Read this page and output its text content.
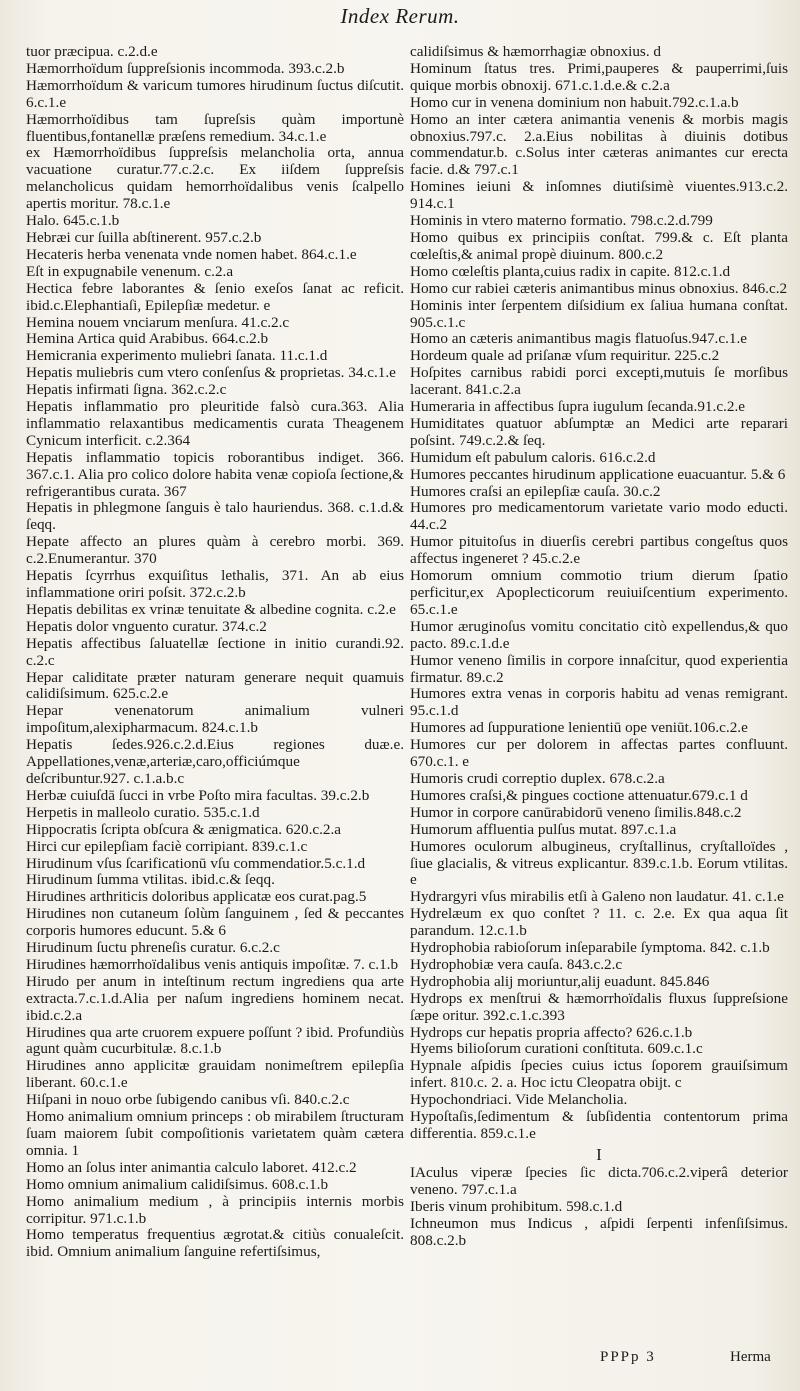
Index Rerum.

tuor præcipua. c.2.d.e

Hæmorrhoïdum ſuppreſsionis incommoda. 393.c.2.b

Hæmorrhoïdum & varicum tumores hirudinum ſuctus diſcutit. 6.c.1.e

Hæmorrhoïdibus tam ſupreſsis quàm importunè fluentibus,fontanellæ præſens remedium. 34.c.1.e

ex Hæmorrhoïdibus ſuppreſsis melancholia orta, annua vacuatione curatur.77.c.2.c. Ex iiſdem ſuppreſsis melancholicus quidam hemorrhoïdalibus venis ſcalpello apertis moritur. 78.c.1.e

Halo. 645.c.1.b

Hebræi cur ſuilla abſtinerent. 957.c.2.b

Hecateris herba venenata vnde nomen habet. 864.c.1.e

Eſt in expugnabile venenum. c.2.a

Hectica febre laborantes & ſenio exeſos ſanat ac reficit. ibid.c.Elephantiaſi, Epilepſiæ medetur. e

Hemina nouem vnciarum menſura. 41.c.2.c

Hemina Artica quid Arabibus. 664.c.2.b

Hemicrania experimento muliebri ſanata. 11.c.1.d

Hepatis muliebris cum vtero conſenſus & proprietas. 34.c.1.e

Hepatis infirmati ſigna. 362.c.2.c

Hepatis inflammatio pro pleuritide falsò cura.363. Alia inflammatio relaxantibus medicamentis curata Theagenem Cynicum interficit. c.2.364

Hepatis inflammatio topicis roborantibus indiget. 366. 367.c.1. Alia pro colico dolore habita venæ copioſa ſectione,& refrigerantibus curata. 367

Hepatis in phlegmone ſanguis è talo hauriendus. 368. c.1.d.& ſeqq.

Hepate affecto an plures quàm à cerebro morbi. 369. c.2.Enumerantur. 370

Hepatis ſcyrrhus exquiſitus lethalis, 371. An ab eius inflammatione oriri poſsit. 372.c.2.b

Hepatis debilitas ex vrinæ tenuitate & albedine cognita. c.2.e

Hepatis dolor vnguento curatur. 374.c.2

Hepatis affectibus ſaluatellæ ſectione in initio curandi.92. c.2.c

Hepar caliditate præter naturam generare nequit quamuis calidiſsimum. 625.c.2.e

Hepar venenatorum animalium vulneri impoſitum,alexipharmacum. 824.c.1.b

Hepatis ſedes.926.c.2.d.Eius regiones duæ.e. Appellationes,venæ,arteriæ,caro,officiúmque deſcribuntur.927. c.1.a.b.c

Herbæ cuiuſdā ſucci in vrbe Poſto mira facultas. 39.c.2.b

Herpetis in malleolo curatio. 535.c.1.d

Hippocratis ſcripta obſcura & ænigmatica. 620.c.2.a

Hirci cur epilepſiam faciè corripiant. 839.c.1.c

Hirudinum vſus ſcarificationū vſu commendatior.5.c.1.d

Hirudinum ſumma vtilitas. ibid.c.& ſeqq.

Hirudines arthriticis doloribus applicatæ eos curat.pag.5

Hirudines non cutaneum ſolùm ſanguinem , ſed & peccantes corporis humores educunt. 5.& 6

Hirudinum ſuctu phreneſis curatur. 6.c.2.c

Hirudines hæmorrhoïdalibus venis antiquis impoſitæ. 7. c.1.b

Hirudo per anum in inteſtinum rectum ingrediens qua arte extracta.7.c.1.d.Alia per naſum ingrediens hominem necat. ibid.c.2.a

Hirudines qua arte cruorem expuere poſſunt ? ibid. Profundiùs agunt quàm cucurbitulæ. 8.c.1.b

Hirudines anno applicitæ grauidam nonimeſtrem epilepſia liberant. 60.c.1.e

Hiſpani in nouo orbe ſubigendo canibus vſi. 840.c.2.c

Homo animalium omnium princeps : ob mirabilem ſtructuram ſuam maiorem ſubit compoſitionis varietatem quàm cætera omnia. 1

Homo an ſolus inter animantia calculo laboret. 412.c.2

Homo omnium animalium calidiſsimus. 608.c.1.b

Homo animalium medium , à principiis internis morbis corripitur. 971.c.1.b

Homo temperatus frequentius ægrotat.& citiùs conualeſcit. ibid. Omnium animalium ſanguine refertiſsimus,

calidiſsimus & hæmorrhagiæ obnoxius. d

Hominum ſtatus tres. Primi,pauperes & pauperrimi,ſuis quique morbis obnoxij. 671.c.1.d.e.& c.2.a

Homo cur in venena dominium non habuit.792.c.1.a.b

Homo an inter cætera animantia venenis & morbis magis obnoxius.797.c. 2.a.Eius nobilitas à diuinis dotibus commendatur.b. c.Solus inter cæteras animantes cur erecta facie. d.& 797.c.1

Homines ieiuni & inſomnes diutiſsimè viuentes.913.c.2. 914.c.1

Hominis in vtero materno formatio. 798.c.2.d.799

Homo quibus ex principiis conſtat. 799.& c. Eſt planta cœleſtis,& animal propè diuinum. 800.c.2

Homo cœleſtis planta,cuius radix in capite. 812.c.1.d

Homo cur rabiei cæteris animantibus minus obnoxius. 846.c.2

Hominis inter ſerpentem diſsidium ex ſaliua humana conſtat. 905.c.1.c

Homo an cæteris animantibus magis flatuoſus.947.c.1.e

Hordeum quale ad priſanæ vſum requiritur. 225.c.2

Hoſpites carnibus rabidi porci excepti,mutuis ſe morſibus lacerant. 841.c.2.a

Humeraria in affectibus ſupra iugulum ſecanda.91.c.2.e

Humiditates quatuor abſumptæ an Medici arte reparari poſsint. 749.c.2.& ſeq.

Humidum eſt pabulum caloris. 616.c.2.d

Humores peccantes hirudinum applicatione euacuantur. 5.& 6

Humores craſsi an epilepſiæ cauſa. 30.c.2

Humores pro medicamentorum varietate vario modo educti. 44.c.2

Humor pituitoſus in diuerſis cerebri partibus congeſtus quos affectus ingeneret ? 45.c.2.e

Homorum omnium commotio trium dierum ſpatio perficitur,ex Apoplecticorum reuiuiſcentium experimento. 65.c.1.e

Humor æruginoſus vomitu concitatio citò expellendus,& quo pacto. 89.c.1.d.e

Humor veneno ſimilis in corpore innaſcitur, quod experientia firmatur. 89.c.2

Humores extra venas in corporis habitu ad venas remigrant. 95.c.1.d

Humores ad ſuppuratione lenientiū ope veniūt.106.c.2.e

Humores cur per dolorem in affectas partes confluunt. 670.c.1. e

Humoris crudi correptio duplex. 678.c.2.a

Humores craſsi,& pingues coctione attenuatur.679.c.1 d

Humor in corpore canūrabidorū veneno ſimilis.848.c.2

Humorum affluentia pulſus mutat. 897.c.1.a

Humores oculorum albugineus, cryſtallinus, cryſtalloïdes , ſiue glacialis, & vitreus explicantur. 839.c.1.b. Eorum vtilitas. e

Hydrargyri vſus mirabilis etſi à Galeno non laudatur. 41. c.1.e

Hydrelæum ex quo conſtet ? 11. c. 2.e. Ex qua aqua ſit parandum. 12.c.1.b

Hydrophobia rabioſorum inſeparabile ſymptoma. 842. c.1.b

Hydrophobiæ vera cauſa. 843.c.2.c

Hydrophobia alij moriuntur,alij euadunt. 845.846

Hydrops ex menſtrui & hæmorrhoïdalis fluxus ſuppreſsione ſæpe oritur. 392.c.1.c.393

Hydrops cur hepatis propria affecto? 626.c.1.b

Hyems bilioſorum curationi conſtituta. 609.c.1.c

Hypnale aſpidis ſpecies cuius ictus ſoporem grauiſsimum infert. 810.c. 2. a. Hoc ictu Cleopatra obijt. c

Hypochondriaci. Vide Melancholia.

Hypoſtaſis,ſedimentum & ſubſidentia contentorum prima differentia. 859.c.1.e

I

IAculus viperæ ſpecies ſic dicta.706.c.2.viperâ deterior veneno. 797.c.1.a

Iberis vinum prohibitum. 598.c.1.d

Ichneumon mus Indicus , aſpidi ſerpenti infenſiſsimus. 808.c.2.b

PPPp 3	Herma
